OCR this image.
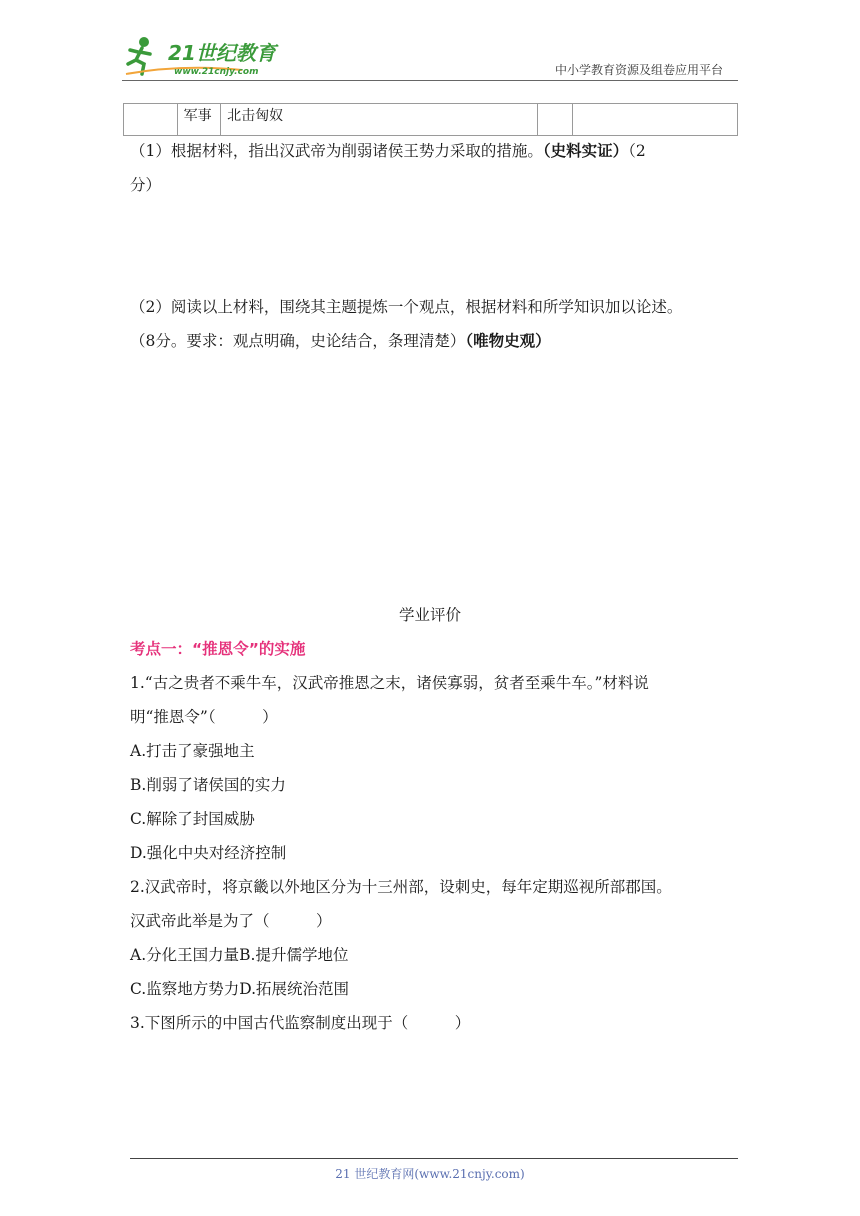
21世纪教育
www.21cnjy.com	中小学教育资源及组卷应用平台
	军事	北击匈奴		
（1）根据材料，指出汉武帝为削弱诸侯王势力采取的措施。（史料实证）（2
分）
（2）阅读以上材料，围绕其主题提炼一个观点，根据材料和所学知识加以论述。
（8分。要求：观点明确，史论结合，条理清楚）（唯物史观）
学业评价
考点一：“推恩令”的实施
1.“古之贵者不乘牛车，汉武帝推恩之末，诸侯寡弱，贫者至乘牛车。”材料说
明“推恩令”（　　　）
A.打击了豪强地主
B.削弱了诸侯国的实力
C.解除了封国威胁
D.强化中央对经济控制
2.汉武帝时，将京畿以外地区分为十三州部，设刺史，每年定期巡视所部郡国。
汉武帝此举是为了（　　　）
A.分化王国力量B.提升儒学地位
C.监察地方势力D.拓展统治范围
3.下图所示的中国古代监察制度出现于（　　　）
21 世纪教育网(www.21cnjy.com)
